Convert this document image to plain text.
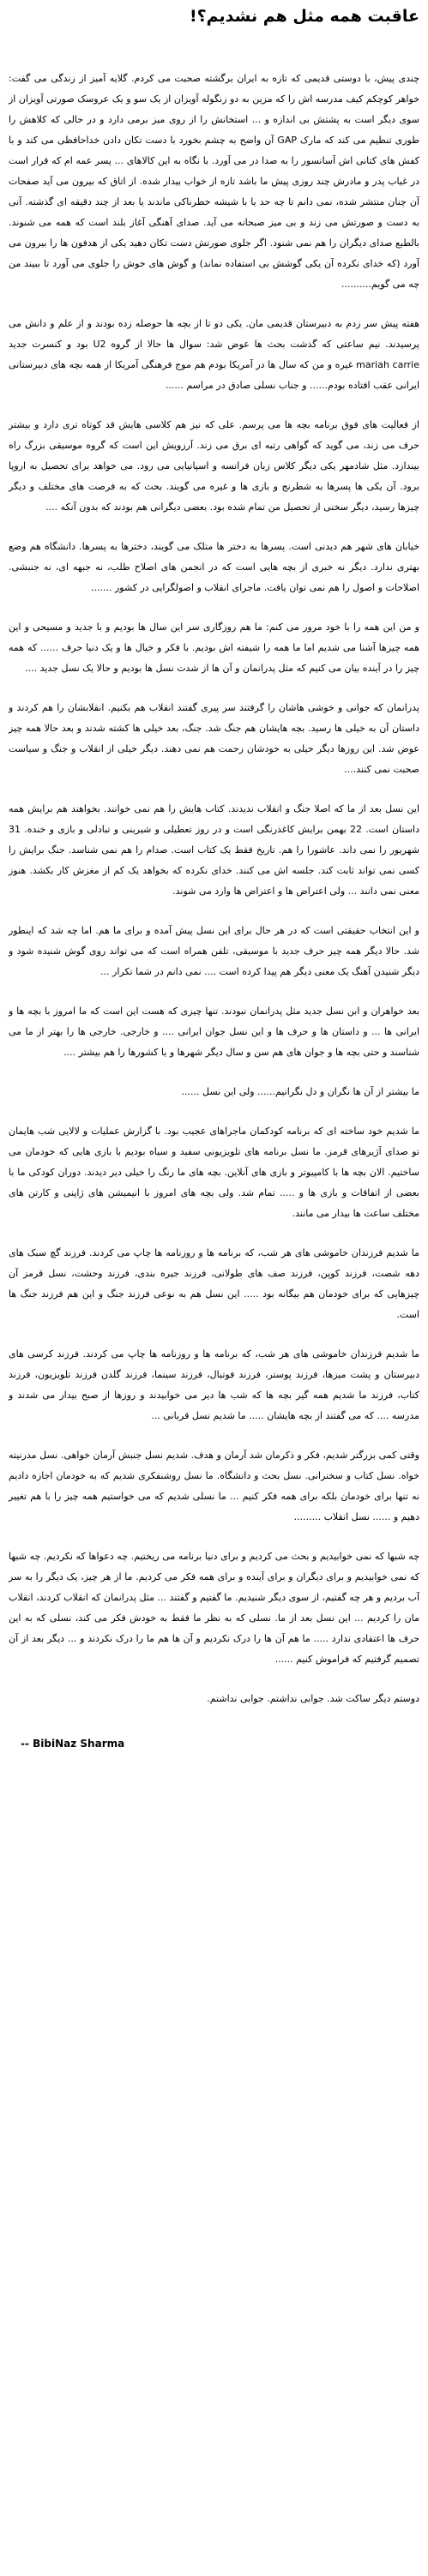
عاقبت همه مثل هم نشدیم؟!
چندی پیش، با دوستی قدیمی که تازه به ایران برگشته صحبت می کردم. گلایه آمیز از زندگی می گفت: خواهر کوچکم کیف مدرسه اش را که مزین به دو زنگوله آویزان از یک سو و یک عروسک صورتی آویزان از سوی دیگر است به پشتش بی اندازه و ... استخانش را از روی میز برمی دارد و در حالی که کلاهش را طوری تنظیم می کند که مارک GAP آن واضح به چشم بخورد با دست تکان دادن خداحافظی می کند و با کفش های کتانی اش آسانسور را به صدا در می آورد. با نگاه به این کالاهای ... پسر عمه ام که قرار است در غیاب پدر و مادرش چند روزی پیش ما باشد تازه از خواب بیدار شده. از اتاق که بیرون می آید صفحات آن چنان منتشر شده، نمی دانم تا چه حد یا با شیشه خطرناکی ماندند یا بعد از چند دقیقه ای گذشته. آنی به دست و صورتش می زند و بی میز صبحانه می آید. صدای آهنگی آغاز بلند است که همه می شنوند. بالطبع صدای دیگران را هم نمی شنود. اگر جلوی صورتش دست تکان دهید یکی از هدفون ها را بیرون می آورد (که خدای نکرده آن یکی گوشش بی استفاده نماند) و گوش های خوش را جلوی می آورد تا ببیند من چه می گویم..........
هفته پیش سر زدم به دبیرستان قدیمی مان. یکی دو تا از بچه ها حوصله زده بودند و از علم و دانش می پرسیدند. نیم ساعتی که گذشت بحث ها عوض شد: سوال ها حالا از گروه U2 بود و کنسرت جدید mariah carrie غیره و من که سال ها در آمریکا بودم هم موج فرهنگی آمریکا از همه بچه های دبیرستانی ایرانی عقب افتاده بودم...... و جناب نسلی صادق در مراسم ......
از فعالیت های فوق برنامه بچه ها می پرسم. علی که نیز هم کلاسی هایش قد کوتاه تری دارد و بیشتر حرف می زند، می گوید که گواهی رتبه ای برق می زند. آرزویش این است که گروه موسیقی بزرگ راه بیندازد. مثل شادمهر یکی دیگر کلاس زبان فرانسه و اسپانیایی می رود. می خواهد برای تحصیل به اروپا برود. آن یکی ها پسرها به شطرنج و بازی ها و غیره می گویند. بحث که به فرصت های مختلف و دیگر چیزها رسید، دیگر سخنی از تحصیل من تمام شده بود. بعضی دیگرانی هم بودند که بدون آنکه ....
خیابان های شهر هم دیدنی است. پسرها به دختر ها متلک می گویند، دخترها به پسرها. دانشگاه هم وضع بهتری ندارد. دیگر نه خبری از بچه هایی است که در انجمن های اصلاح طلب، نه جبهه ای، نه جنبشی. اصلاحات و اصول را هم نمی توان یافت. ماجرای انقلاب و اصولگرایی در کشور .......
و من این همه را با خود مرور می کنم: ما هم روزگاری سر این سال ها بودیم و با جدید و مسیحی و این همه چیزها آشنا می شدیم اما ما همه را شیفته اش بودیم. با فکر و خیال ها و یک دنیا حرف ...... که همه چیز را در آینده بیان می کنیم که مثل پدرانمان و آن ها از شدت نسل ها بودیم و حالا یک نسل جدید ....
پدرانمان که جوانی و خوشی هاشان را گرفتند سر پیری گفتند انقلاب هم بکنیم. انقلابشان را هم کردند و داستان آن به خیلی ها رسید. بچه هایشان هم جنگ شد. جنگ، بعد خیلی ها کشته شدند و بعد حالا همه چیز عوض شد. این روزها دیگر خیلی به خودشان زحمت هم نمی دهند. دیگر خیلی از انقلاب و جنگ و سیاست صحبت نمی کنند....
این نسل بعد از ما که اصلا جنگ و انقلاب ندیدند. کتاب هایش را هم نمی خوانند. بخواهند هم برایش همه داستان است. 22 بهمن برایش کاغذرنگی است و در روز تعطیلی و شیرینی و تبادلی و بازی و خنده. 31 شهریور را نمی داند. عاشورا را هم. تاریخ فقط یک کتاب است. صدام را هم نمی شناسد. جنگ برایش را کسی نمی تواند ثابت کند. جلسه اش می کنند. خدای نکرده که بخواهد یک کم از مغزش کار بکشد. هنوز معنی نمی دانند ... ولی اعتراض ها و اعتراض ها وارد می شوند.
و این انتخاب حقیقتی است که در هر حال برای این نسل پیش آمده و برای ما هم. اما چه شد که اینطور شد. حالا دیگر همه چیز حرف جدید با موسیقی، تلفن همراه است که می تواند روی گوش شنیده شود و دیگر شنیدن آهنگ یک معنی دیگر هم پیدا کرده است .... نمی دانم در شما تکرار ...
بعد خواهران و ابن نسل جدید مثل پدرانمان نبودند. تنها چیزی که هست این است که ما امروز با بچه ها و ایرانی ها ... و داستان ها و حرف ها و این نسل جوان ایرانی .... و خارجی. خارجی ها را بهتر از ما می شناسند و حتی بچه ها و جوان های هم سن و سال دیگر شهرها و یا کشورها را هم بیشتر ....
ما بیشتر از آن ها نگران و دل نگرانیم...... ولی این نسل ......
ما شدیم خود ساخته ای که برنامه کودکمان ماجراهای عجیب بود. با گزارش عملیات و لالایی شب هایمان تو صدای آژیرهای قرمز. ما نسل برنامه های تلویزیونی سفید و سیاه بودیم با بازی هایی که خودمان می ساختیم. الان بچه ها با کامپیوتر و بازی های آنلاین. بچه های ما رنگ را خیلی دیر دیدند. دوران کودکی ما با بعضی از اتفاقات و بازی ها و ..... تمام شد. ولی بچه های امروز با انیمیشن های ژاپنی و کارتن های مختلف ساعت ها بیدار می مانند.
ما شدیم فرزندان خاموشی های هر شب، که برنامه ها و روزنامه ها چاپ می کردند. فرزند گچ سبک های دهه شصت، فرزند کوپن، فرزند صف های طولانی، فرزند جیره بندی، فرزند وحشت، نسل قرمز آن چیزهایی که برای خودمان هم بیگانه بود ..... این نسل هم به نوعی فرزند جنگ و این هم فرزند جنگ ها است.
ما شدیم فرزندان خاموشی های هر شب، که برنامه ها و روزنامه ها چاپ می کردند. فرزند کرسی های دبیرستان و پشت میزها، فرزند پوستر، فرزند فوتبال، فرزند سینما، فرزند گلدن فرزند تلویزیون، فرزند کتاب، فرزند ما شدیم همه گیر بچه ها که شب ها دیر می خوابیدند و روزها از صبح بیدار می شدند و مدرسه .... که می گفتند از بچه هایشان ..... ما شدیم نسل قربانی ...
وقتی کمی بزرگتر شدیم، فکر و ذکرمان شد آرمان و هدف. شدیم نسل جنبش آرمان خواهی. نسل مدرنیته خواه. نسل کتاب و سخنرانی. نسل بحث و دانشگاه. ما نسل روشنفکری شدیم که به خودمان اجازه دادیم نه تنها برای خودمان بلکه برای همه فکر کنیم ... ما نسلی شدیم که می خواستیم همه چیز را با هم تغییر دهیم و ...... نسل انقلاب .........
چه شبها که نمی خوابیدیم و بحث می کردیم و برای دنیا برنامه می ریختیم. چه دعواها که نکردیم. چه شبها که نمی خوابیدیم و برای دیگران و برای آینده و برای همه فکر می کردیم. ما از هر چیز، یک دیگر را به سر آب بردیم و هر چه گفتیم، از سوی دیگر شنیدیم. ما گفتیم و گفتند ... مثل پدرانمان که انقلاب کردند، انقلاب مان را کردیم ... این نسل بعد از ما. نسلی که به نظر ما فقط به خودش فکر می کند، نسلی که به این حرف ها اعتقادی ندارد ..... ما هم آن ها را درک نکردیم و آن ها هم ما را درک نکردند و ... دیگر بعد از آن تصمیم گرفتیم که فراموش کنیم ......
دوستم دیگر ساکت شد. جوابی نداشتم. جوابی نداشتم.
-- BibiNaz Sharma
